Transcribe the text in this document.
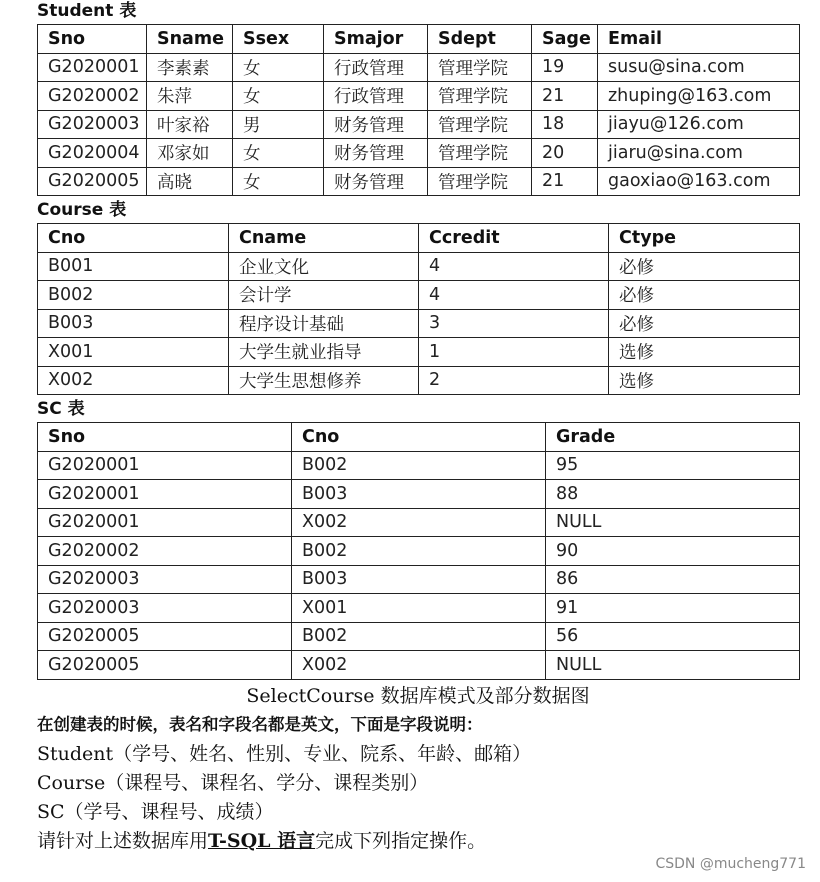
Student 表
Sno	Sname	Ssex	Smajor	Sdept	Sage	Email
G2020001	李素素	女	行政管理	管理学院	19	susu@sina.com
G2020002	朱萍	女	行政管理	管理学院	21	zhuping@163.com
G2020003	叶家裕	男	财务管理	管理学院	18	jiayu@126.com
G2020004	邓家如	女	财务管理	管理学院	20	jiaru@sina.com
G2020005	高晓	女	财务管理	管理学院	21	gaoxiao@163.com
Course 表
Cno	Cname	Ccredit	Ctype
B001	企业文化	4	必修
B002	会计学	4	必修
B003	程序设计基础	3	必修
X001	大学生就业指导	1	选修
X002	大学生思想修养	2	选修
SC 表
Sno	Cno	Grade
G2020001	B002	95
G2020001	B003	88
G2020001	X002	NULL
G2020002	B002	90
G2020003	B003	86
G2020003	X001	91
G2020005	B002	56
G2020005	X002	NULL
SelectCourse 数据库模式及部分数据图
在创建表的时候，表名和字段名都是英文，下面是字段说明：
Student（学号、姓名、性别、专业、院系、年龄、邮箱）
Course（课程号、课程名、学分、课程类别）
SC（学号、课程号、成绩）
请针对上述数据库用T-SQL 语言完成下列指定操作。
CSDN @mucheng771
